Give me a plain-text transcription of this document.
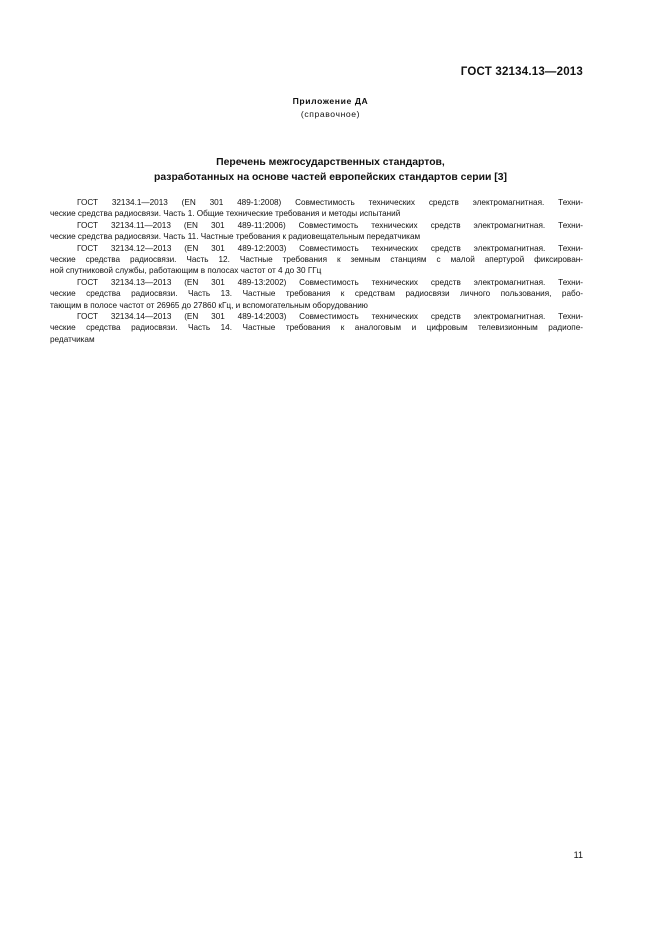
ГОСТ 32134.13—2013
Приложение ДА
(справочное)
Перечень межгосударственных стандартов,
разработанных на основе частей европейских стандартов серии [3]
ГОСТ 32134.1—2013 (EN 301 489-1:2008) Совместимость технических средств электромагнитная. Техни-
ческие средства радиосвязи. Часть 1. Общие технические требования и методы испытаний
ГОСТ 32134.11—2013 (EN 301 489-11:2006) Совместимость технических средств электромагнитная. Техни-
ческие средства радиосвязи. Часть 11. Частные требования к радиовещательным передатчикам
ГОСТ 32134.12—2013 (EN 301 489-12:2003) Совместимость технических средств электромагнитная. Техни-
ческие средства радиосвязи. Часть 12. Частные требования к земным станциям с малой апертурой фиксирован-
ной спутниковой службы, работающим в полосах частот от 4 до 30 ГГц
ГОСТ 32134.13—2013 (EN 301 489-13:2002) Совместимость технических средств электромагнитная. Техни-
ческие средства радиосвязи. Часть 13. Частные требования к средствам радиосвязи личного пользования, рабо-
тающим в полосе частот от 26965 до 27860 кГц, и вспомогательным оборудованию
ГОСТ 32134.14—2013 (EN 301 489-14:2003) Совместимость технических средств электромагнитная. Техни-
ческие средства радиосвязи. Часть 14. Частные требования к аналоговым и цифровым телевизионным радиопе-
редатчикам
11
